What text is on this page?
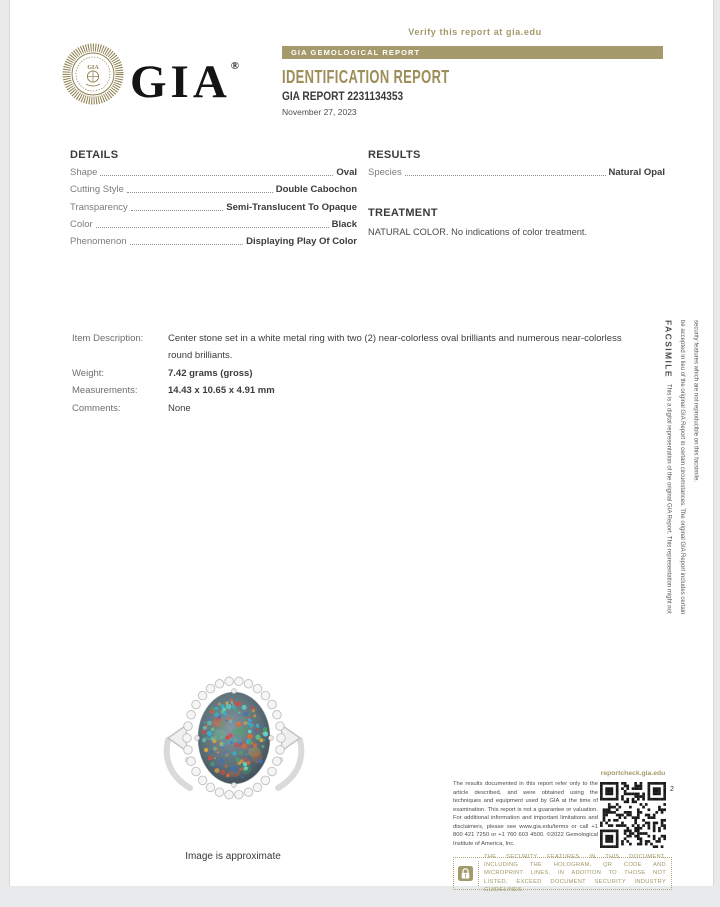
GIA GIA®
Verify this report at gia.edu
GIA GEMOLOGICAL REPORT
IDENTIFICATION REPORT
GIA REPORT 2231134353
November 27, 2023
DETAILS
Shape	Oval
Cutting Style	Double Cabochon
Transparency	Semi-Translucent To Opaque
Color	Black
Phenomenon	Displaying Play Of Color
RESULTS
Species	Natural Opal
TREATMENT
NATURAL COLOR. No indications of color treatment.
Item Description:	Center stone set in a white metal ring with two (2) near-colorless oval brilliants and numerous near-colorless round brilliants.
Weight:	7.42 grams (gross)
Measurements:	14.43 x 10.65 x 4.91 mm
Comments:	None
FACSIMILEThis is a digital representation of the original GIA Report. This representation might not be accepted in lieu of the original GIA Report in certain circumstances. The original GIA Report includes certain security features which are not reproducible on this facsimile.
Image is approximate
The results documented in this report refer only to the article described, and were obtained using the techniques and equipment used by GIA at the time of examination. This report is not a guarantee or valuation. For additional information and important limitations and disclaimers, please see www.gia.edu/terms or call +1 800 421 7250 or +1 760 603 4500. ©2022 Gemological Institute of America, Inc.
reportcheck.gia.edu
2
THE SECURITY FEATURES IN THIS DOCUMENT, INCLUDING THE HOLOGRAM, QR CODE AND MICROPRINT LINES, IN ADDITION TO THOSE NOT LISTED, EXCEED DOCUMENT SECURITY INDUSTRY GUIDELINES.
